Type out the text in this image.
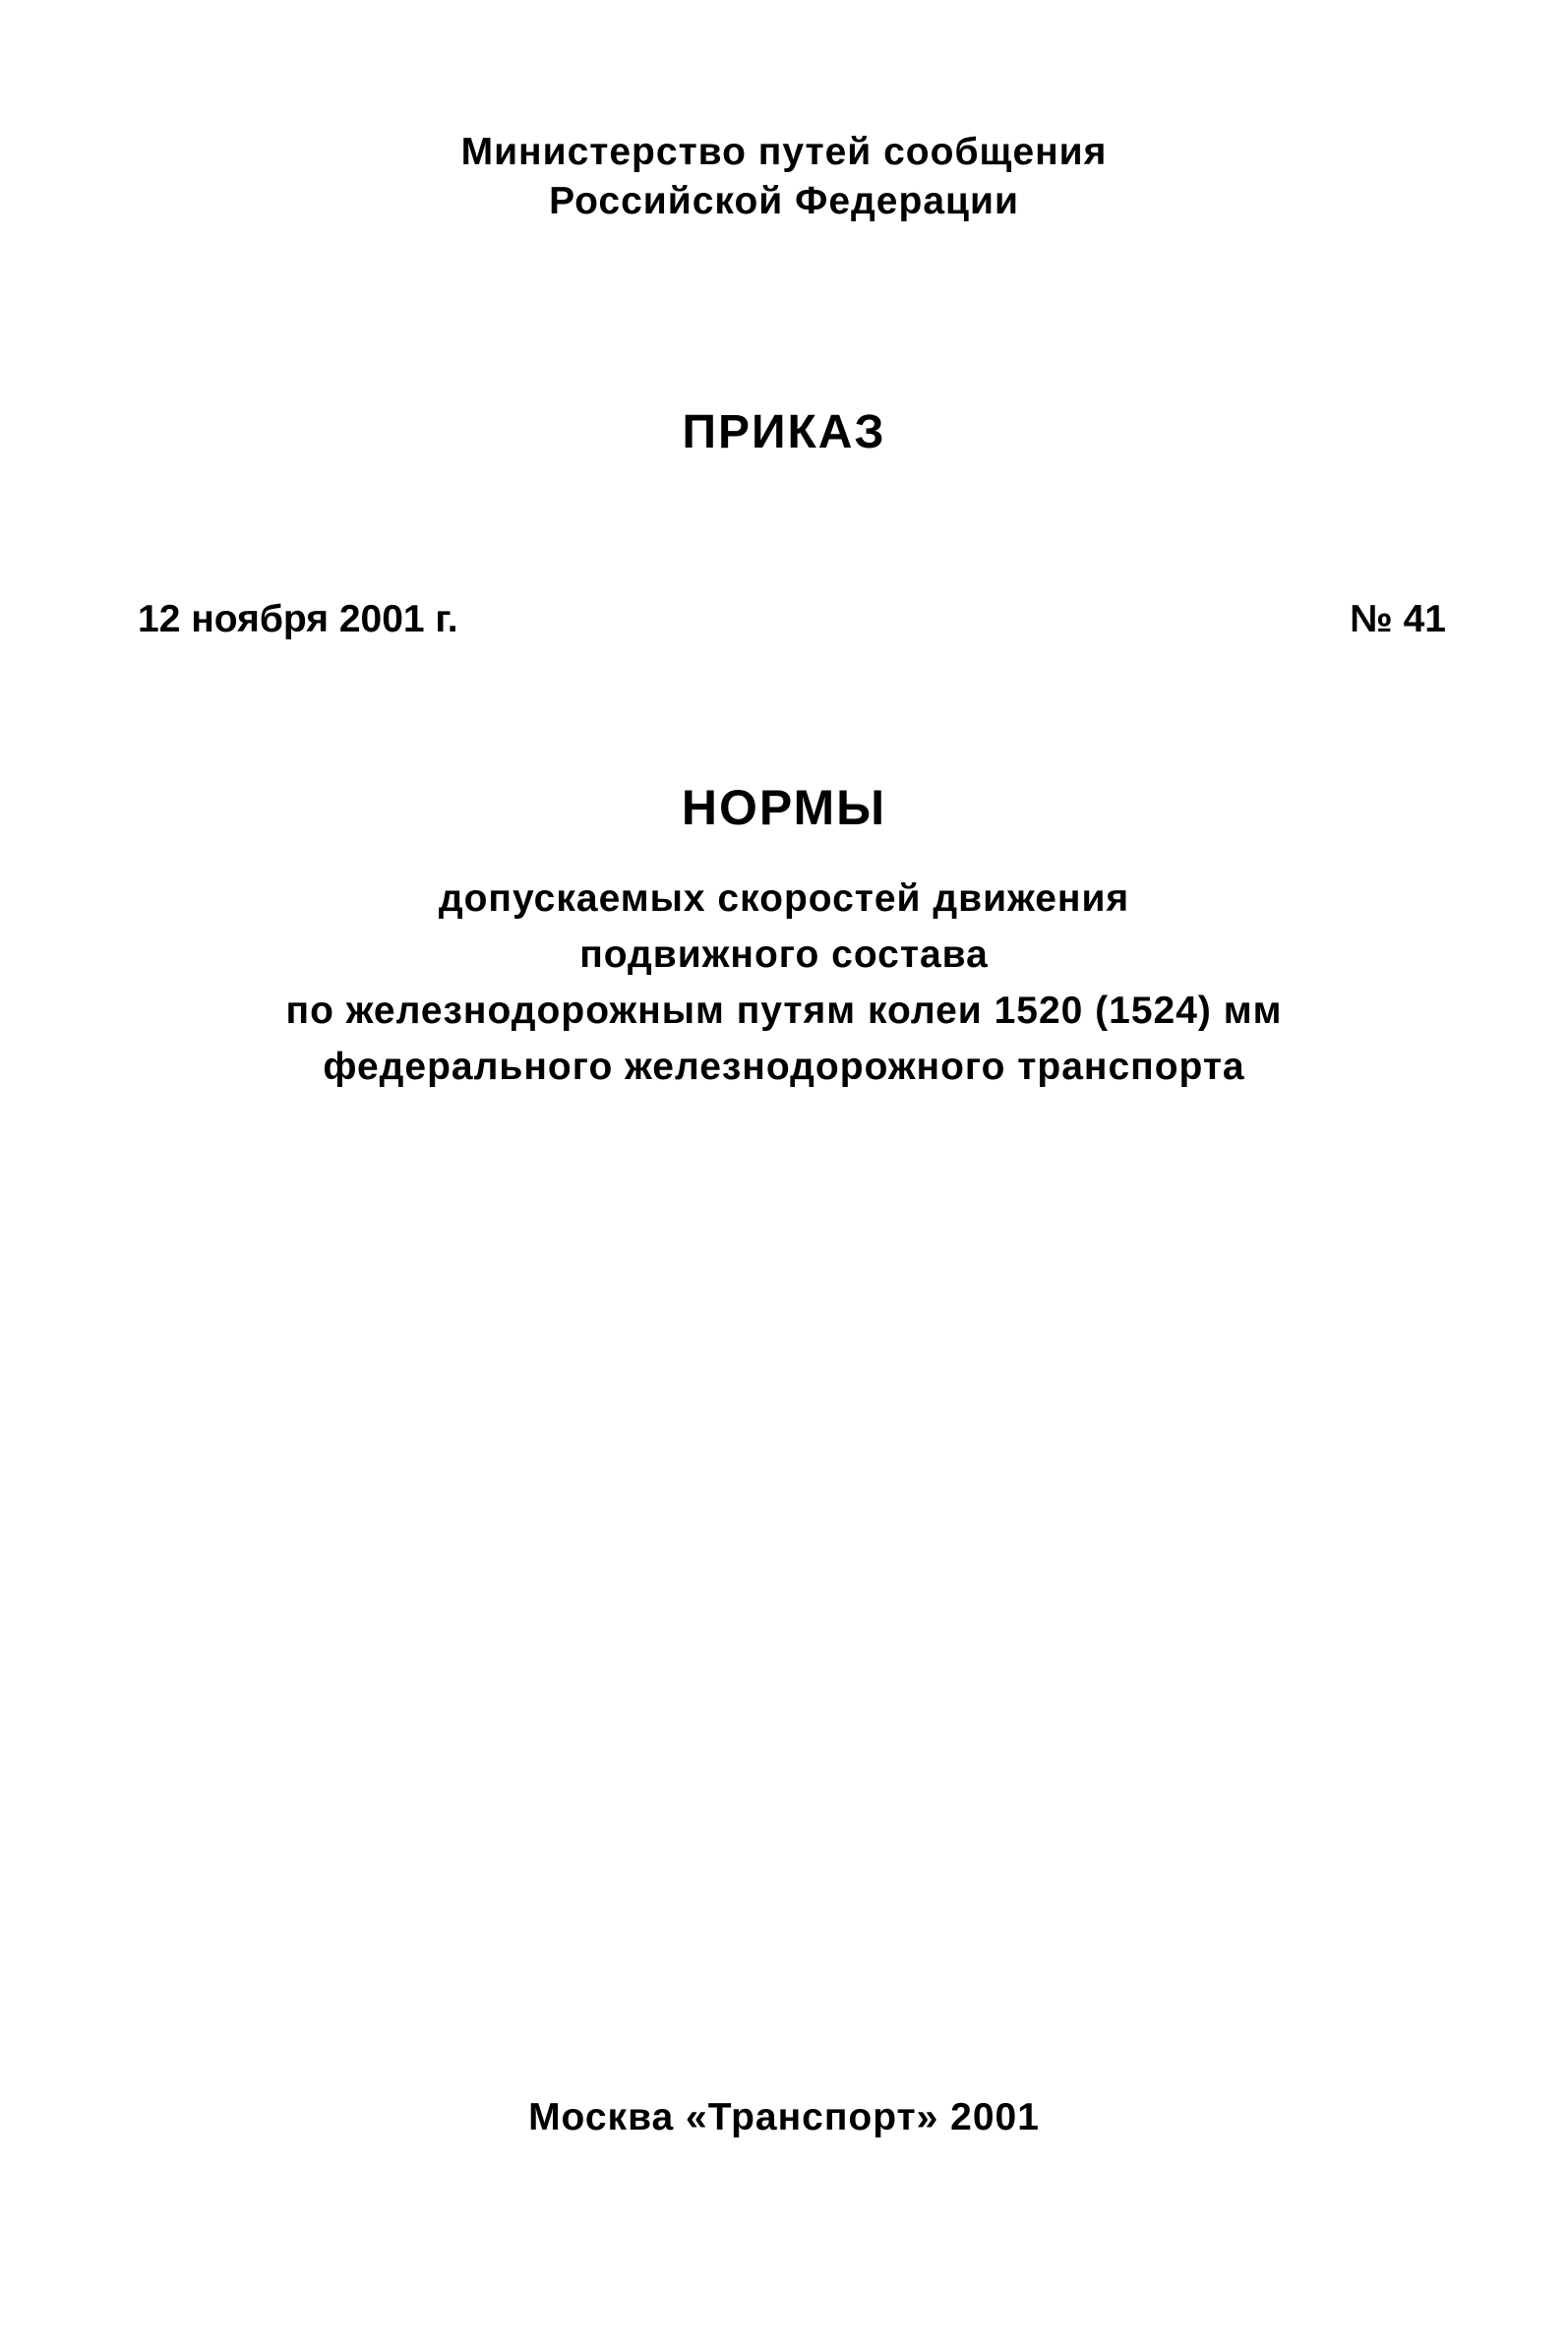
Министерство путей сообщения
Российской Федерации
ПРИКАЗ
12 ноября 2001 г.	№ 41
НОРМЫ
допускаемых скоростей движения
подвижного состава
по железнодорожным путям колеи 1520 (1524) мм
федерального железнодорожного транспорта
Москва «Транспорт» 2001
